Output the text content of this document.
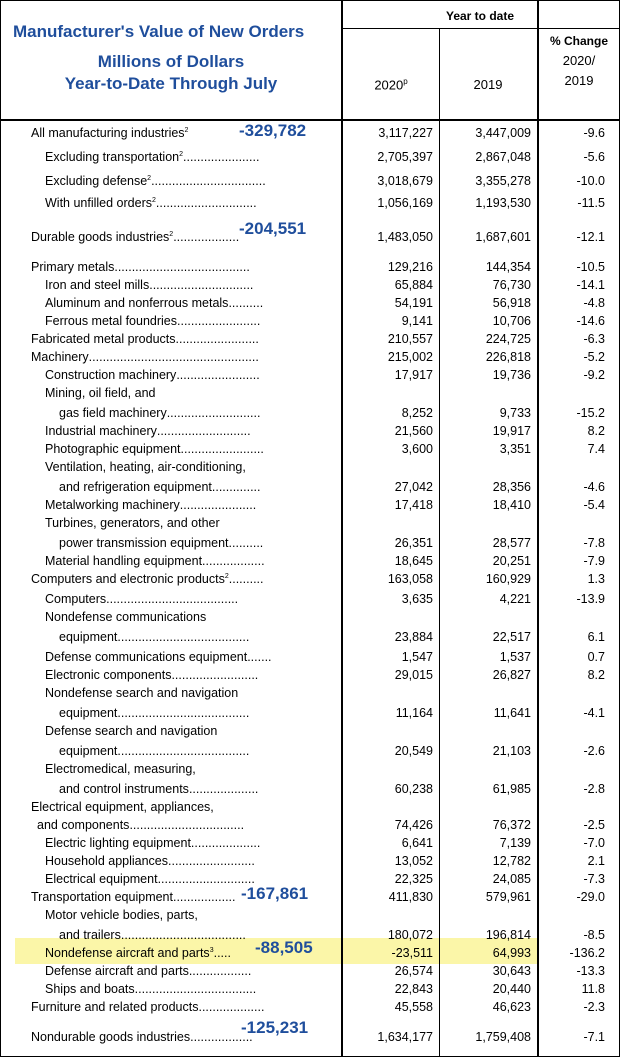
Manufacturer's Value of New Orders
Millions of Dollars
Year-to-Date Through July
Year to date
2020$^p$	2019
% Change
2020/
2019
All manufacturing industries$^2$	3,117,227	3,447,009	-9.6
Excluding transportation$^2$......................	2,705,397	2,867,048	-5.6
Excluding defense$^2$.................................	3,018,679	3,355,278	-10.0
With unfilled orders$^2$.............................	1,056,169	1,193,530	-11.5
Durable goods industries$^2$...................	1,483,050	1,687,601	-12.1
Primary metals.......................................	129,216	144,354	-10.5
Iron and steel mills..............................	65,884	76,730	-14.1
Aluminum and nonferrous metals..........	54,191	56,918	-4.8
Ferrous metal foundries........................	9,141	10,706	-14.6
Fabricated metal products........................	210,557	224,725	-6.3
Machinery.................................................	215,002	226,818	-5.2
Construction machinery........................	17,917	19,736	-9.2
Mining, oil field, and
gas field machinery...........................	8,252	9,733	-15.2
Industrial machinery...........................	21,560	19,917	8.2
Photographic equipment........................	3,600	3,351	7.4
Ventilation, heating, air-conditioning,
and refrigeration equipment..............	27,042	28,356	-4.6
Metalworking machinery......................	17,418	18,410	-5.4
Turbines, generators, and other
power transmission equipment..........	26,351	28,577	-7.8
Material handling equipment..................	18,645	20,251	-7.9
Computers and electronic products$^2$..........	163,058	160,929	1.3
Computers......................................	3,635	4,221	-13.9
Nondefense communications
equipment......................................	23,884	22,517	6.1
Defense communications equipment.......	1,547	1,537	0.7
Electronic components.........................	29,015	26,827	8.2
Nondefense search and navigation
equipment......................................	11,164	11,641	-4.1
Defense search and navigation
equipment......................................	20,549	21,103	-2.6
Electromedical, measuring,
and control instruments....................	60,238	61,985	-2.8
Electrical equipment, appliances,
and components.................................	74,426	76,372	-2.5
Electric lighting equipment....................	6,641	7,139	-7.0
Household appliances.........................	13,052	12,782	2.1
Electrical equipment............................	22,325	24,085	-7.3
Transportation equipment..................	411,830	579,961	-29.0
Motor vehicle bodies, parts,
and trailers....................................	180,072	196,814	-8.5
Nondefense aircraft and parts$^3$.....	-23,511	64,993	-136.2
Defense aircraft and parts..................	26,574	30,643	-13.3
Ships and boats...................................	22,843	20,440	11.8
Furniture and related products...................	45,558	46,623	-2.3
Nondurable goods industries..................	1,634,177	1,759,408	-7.1
-329,782
-204,551
-167,861
-88,505
-125,231
